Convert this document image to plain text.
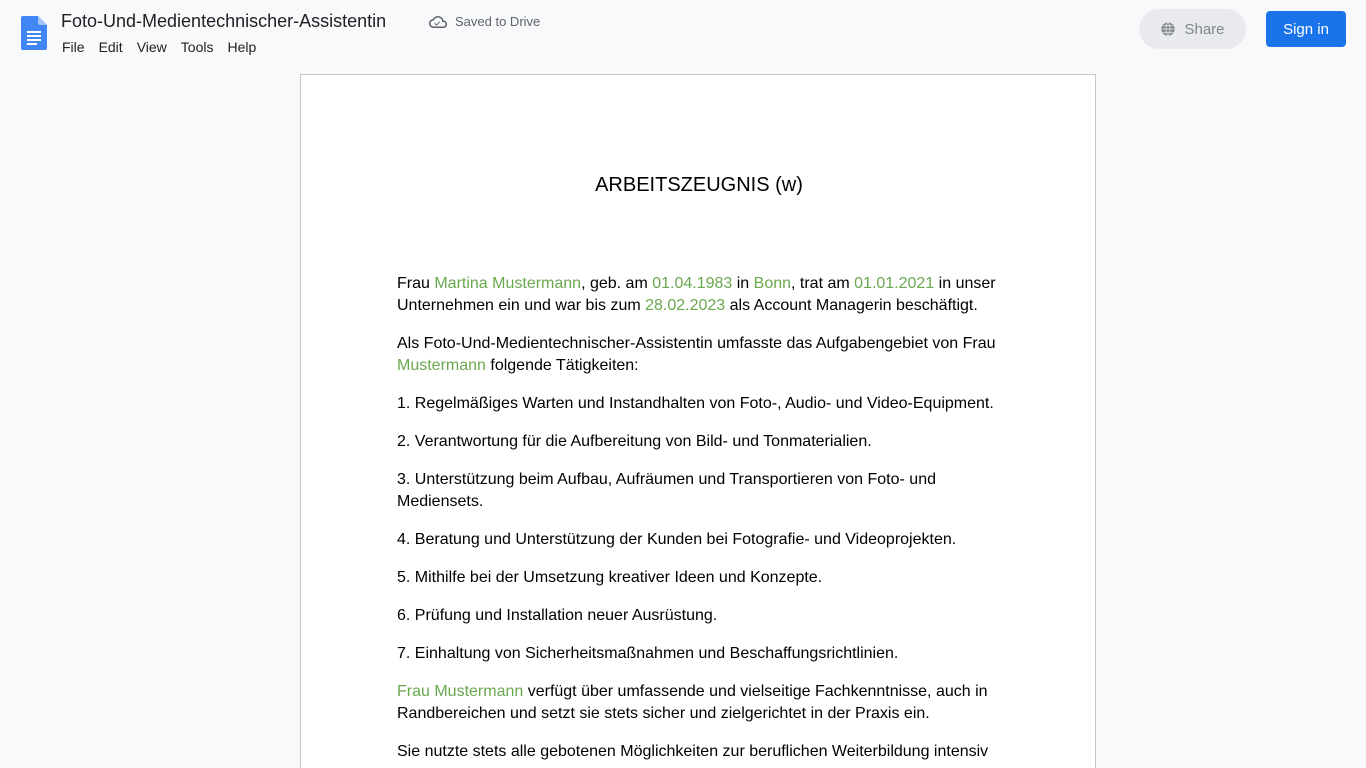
Foto-Und-Medientechnischer-Assistentin	Saved to Drive
File	Edit	View	Tools	Help
Share	Sign in
ARBEITSZEUGNIS (w)

Frau Martina Mustermann, geb. am 01.04.1983 in Bonn, trat am 01.01.2021 in unser Unternehmen ein und war bis zum 28.02.2023 als Account Managerin beschäftigt.

Als Foto-Und-Medientechnischer-Assistentin umfasste das Aufgabengebiet von Frau Mustermann folgende Tätigkeiten:

1. Regelmäßiges Warten und Instandhalten von Foto-, Audio- und Video-Equipment.

2. Verantwortung für die Aufbereitung von Bild- und Tonmaterialien.

3. Unterstützung beim Aufbau, Aufräumen und Transportieren von Foto- und Mediensets.

4. Beratung und Unterstützung der Kunden bei Fotografie- und Videoprojekten.

5. Mithilfe bei der Umsetzung kreativer Ideen und Konzepte.

6. Prüfung und Installation neuer Ausrüstung.

7. Einhaltung von Sicherheitsmaßnahmen und Beschaffungsrichtlinien.

Frau Mustermann verfügt über umfassende und vielseitige Fachkenntnisse, auch in Randbereichen und setzt sie stets sicher und zielgerichtet in der Praxis ein.

Sie nutzte stets alle gebotenen Möglichkeiten zur beruflichen Weiterbildung intensiv
